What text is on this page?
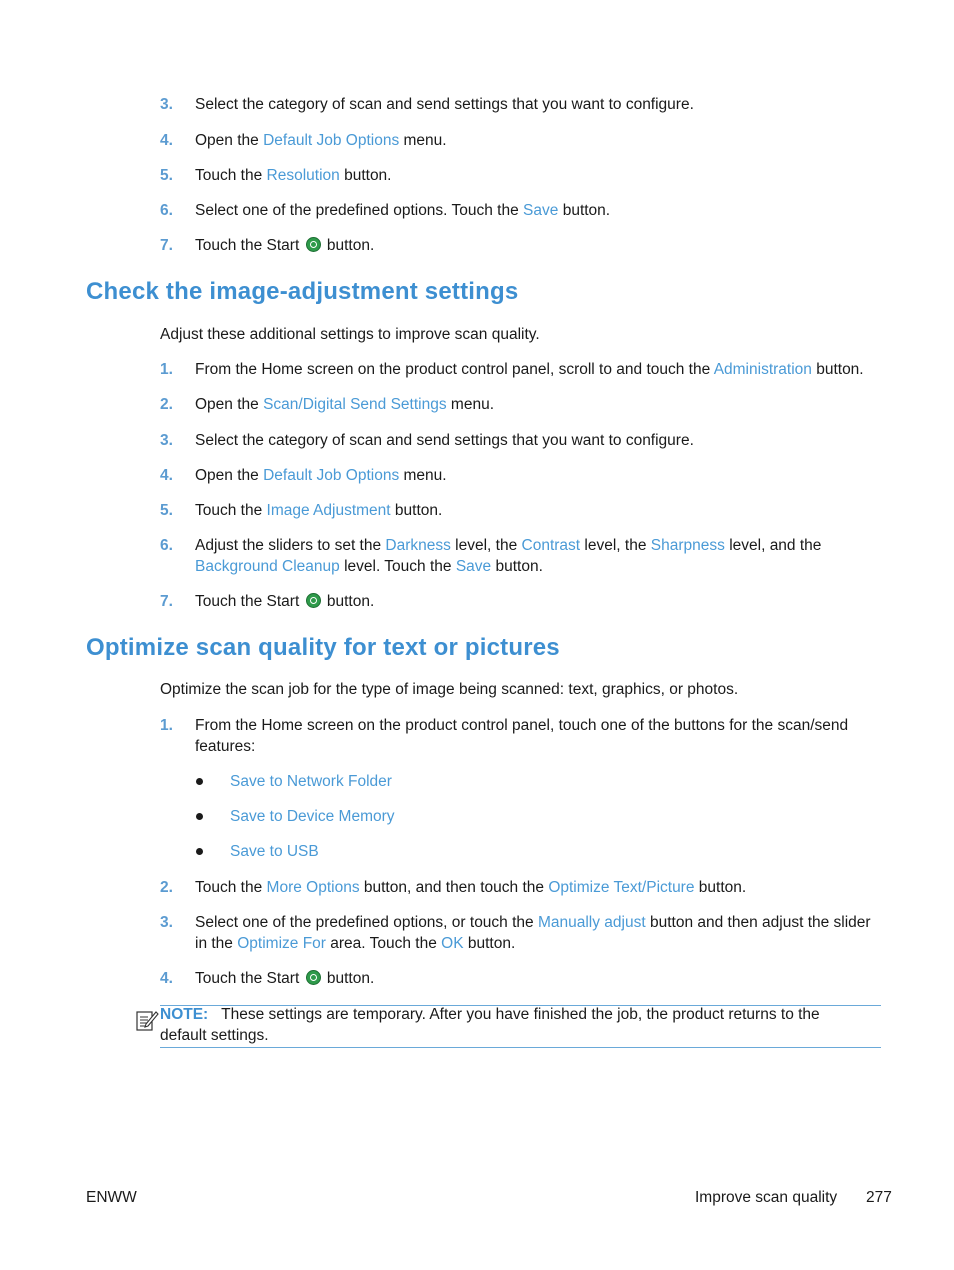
3.	Select the category of scan and send settings that you want to configure.
4.	Open the Default Job Options menu.
5.	Touch the Resolution button.
6.	Select one of the predefined options. Touch the Save button.
7.	Touch the Start  button.
Check the image-adjustment settings
Adjust these additional settings to improve scan quality.
1.	From the Home screen on the product control panel, scroll to and touch the Administration button.
2.	Open the Scan/Digital Send Settings menu.
3.	Select the category of scan and send settings that you want to configure.
4.	Open the Default Job Options menu.
5.	Touch the Image Adjustment button.
6.	Adjust the sliders to set the Darkness level, the Contrast level, the Sharpness level, and the
Background Cleanup level. Touch the Save button.
7.	Touch the Start  button.
Optimize scan quality for text or pictures
Optimize the scan job for the type of image being scanned: text, graphics, or photos.
1.	From the Home screen on the product control panel, touch one of the buttons for the scan/send
features:
Save to Network Folder
Save to Device Memory
Save to USB
2.	Touch the More Options button, and then touch the Optimize Text/Picture button.
3.	Select one of the predefined options, or touch the Manually adjust button and then adjust the slider
in the Optimize For area. Touch the OK button.
4.	Touch the Start  button.
NOTE: These settings are temporary. After you have finished the job, the product returns to the
default settings.
ENWW	Improve scan quality 277
